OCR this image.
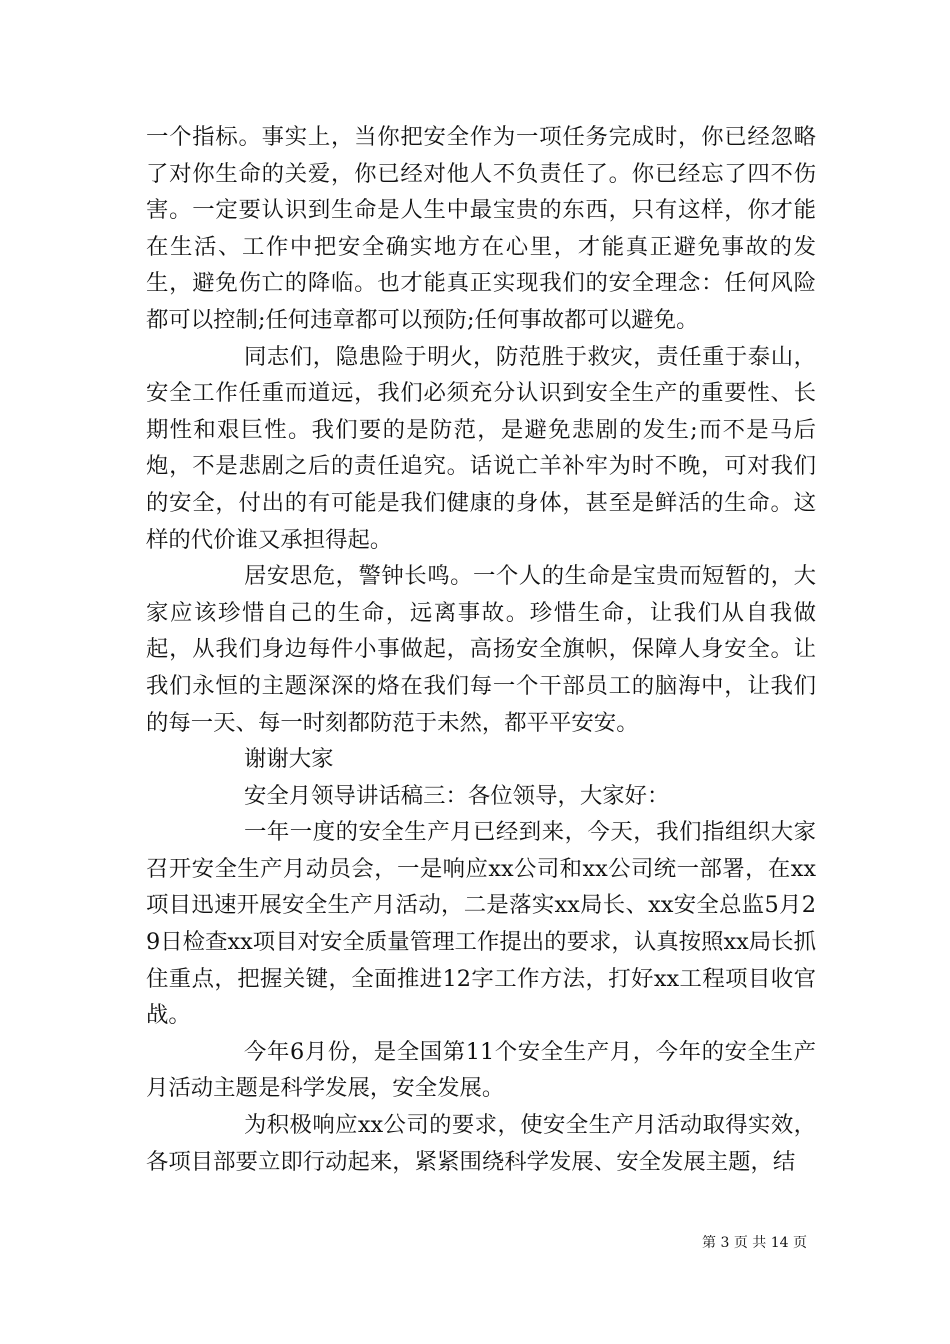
一个指标。事实上，当你把安全作为一项任务完成时，你已经忽略了对你生命的关爱，你已经对他人不负责任了。你已经忘了四不伤害。一定要认识到生命是人生中最宝贵的东西，只有这样，你才能在生活、工作中把安全确实地方在心里，才能真正避免事故的发生，避免伤亡的降临。也才能真正实现我们的安全理念：任何风险都可以控制;任何违章都可以预防;任何事故都可以避免。

同志们，隐患险于明火，防范胜于救灾，责任重于泰山，安全工作任重而道远，我们必须充分认识到安全生产的重要性、长期性和艰巨性。我们要的是防范，是避免悲剧的发生;而不是马后炮，不是悲剧之后的责任追究。话说亡羊补牢为时不晚，可对我们的安全，付出的有可能是我们健康的身体，甚至是鲜活的生命。这样的代价谁又承担得起。

居安思危，警钟长鸣。一个人的生命是宝贵而短暂的，大家应该珍惜自己的生命，远离事故。珍惜生命，让我们从自我做起，从我们身边每件小事做起，高扬安全旗帜，保障人身安全。让我们永恒的主题深深的烙在我们每一个干部员工的脑海中，让我们的每一天、每一时刻都防范于未然，都平平安安。

谢谢大家

安全月领导讲话稿三：各位领导，大家好：

一年一度的安全生产月已经到来，今天，我们指组织大家召开安全生产月动员会，一是响应xx公司和xx公司统一部署，在xx项目迅速开展安全生产月活动，二是落实xx局长、xx安全总监5月29日检查xx项目对安全质量管理工作提出的要求，认真按照xx局长抓住重点，把握关键，全面推进12字工作方法，打好xx工程项目收官战。

今年6月份，是全国第11个安全生产月，今年的安全生产月活动主题是科学发展，安全发展。

为积极响应xx公司的要求，使安全生产月活动取得实效，各项目部要立即行动起来，紧紧围绕科学发展、安全发展主题，结

第 3 页 共 14 页
